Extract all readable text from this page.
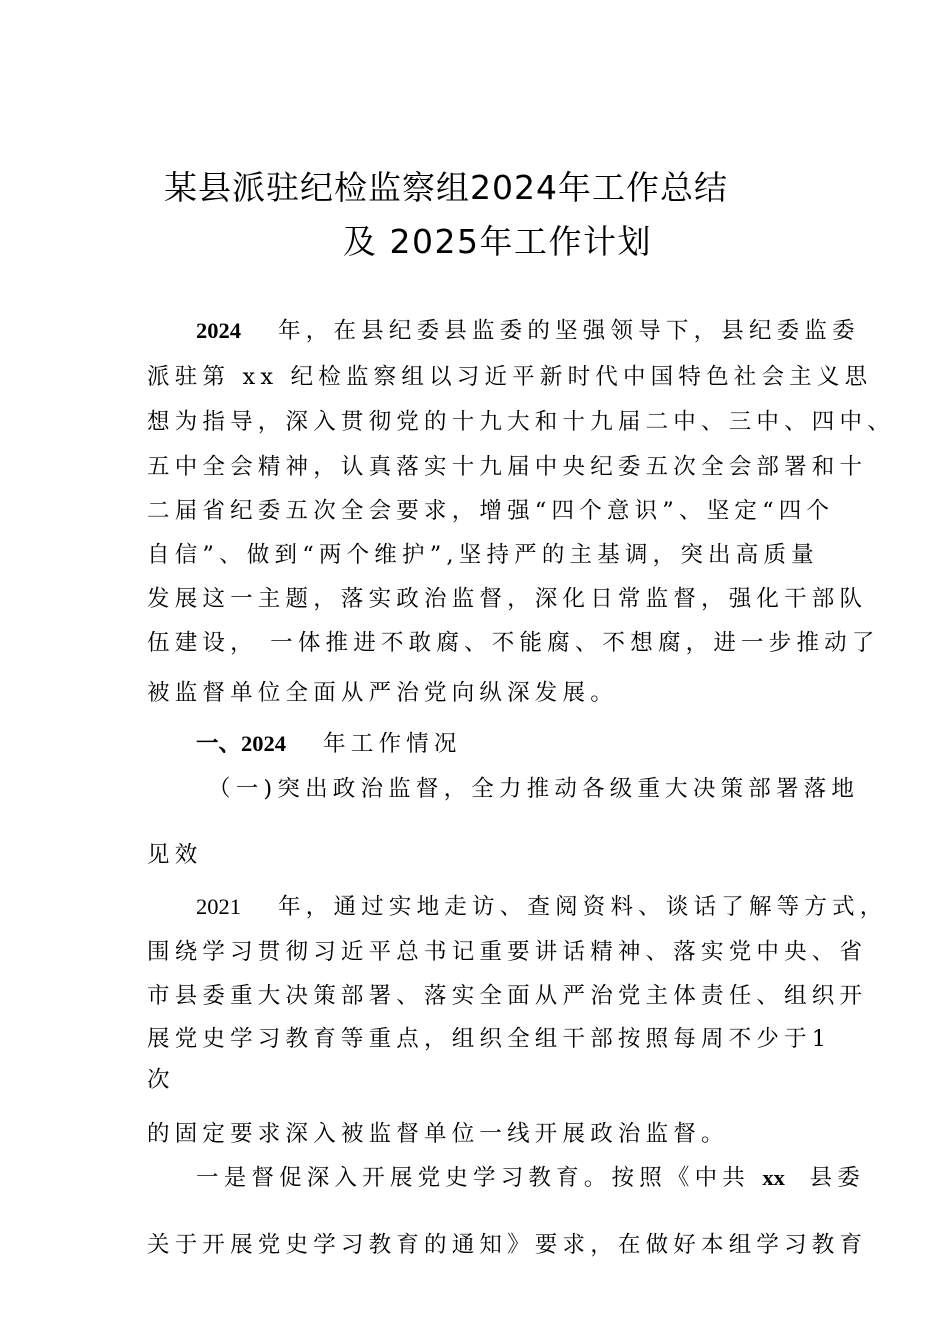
某县派驻纪检监察组2024年工作总结
及 2025年工作计划
2024 年，在县纪委县监委的坚强领导下，县纪委监委
派驻第 xx 纪检监察组以习近平新时代中国特色社会主义思
想为指导，深入贯彻党的十九大和十九届二中、三中、四中、
五中全会精神，认真落实十九届中央纪委五次全会部署和十
二届省纪委五次全会要求，增强“四个意识”、坚定“四个
自信”、做到“两个维护”,坚持严的主基调，突出高质量
发展这一主题，落实政治监督，深化日常监督，强化干部队
伍建设， 一体推进不敢腐、不能腐、不想腐，进一步推动了
被监督单位全面从严治党向纵深发展。
一、2024 年工作情况
（一)突出政治监督，全力推动各级重大决策部署落地
见效
2021 年，通过实地走访、查阅资料、谈话了解等方式，
围绕学习贯彻习近平总书记重要讲话精神、落实党中央、省
市县委重大决策部署、落实全面从严治党主体责任、组织开
展党史学习教育等重点，组织全组干部按照每周不少于1
次
的固定要求深入被监督单位一线开展政治监督。
一是督促深入开展党史学习教育。按照《中共 xx 县委
关于开展党史学习教育的通知》要求，在做好本组学习教育
